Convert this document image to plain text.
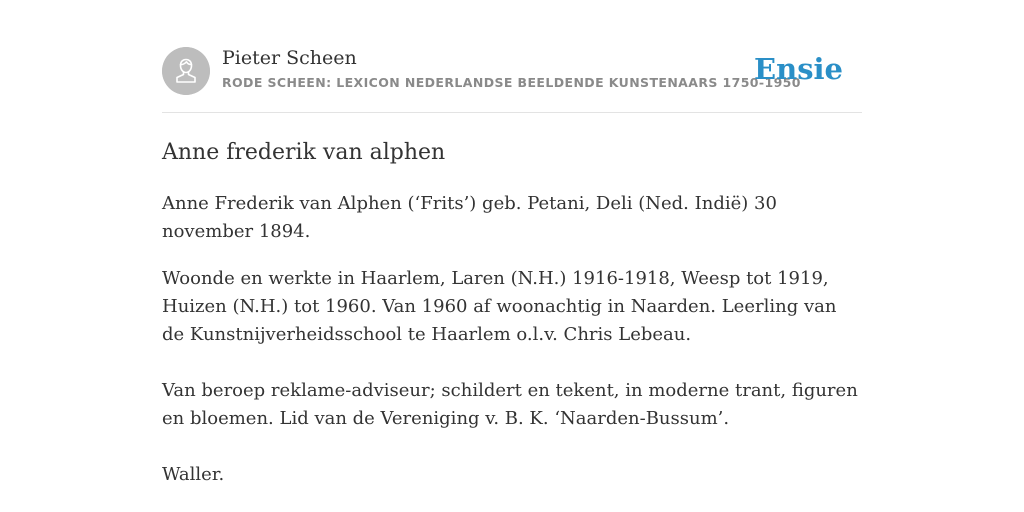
Pieter Scheen
RODE SCHEEN: LEXICON NEDERLANDSE BEELDENDE KUNSTENAARS 1750-1950
Ensie
Anne frederik van alphen

Anne Frederik van Alphen (‘Frits’) geb. Petani, Deli (Ned. Indië) 30 november 1894.

Woonde en werkte in Haarlem, Laren (N.H.) 1916-1918, Weesp tot 1919, Huizen (N.H.) tot 1960. Van 1960 af woonachtig in Naarden. Leerling van de Kunstnijverheidsschool te Haarlem o.l.v. Chris Lebeau.

Van beroep reklame-adviseur; schildert en tekent, in moderne trant, figuren en bloemen. Lid van de Vereniging v. B. K. ‘Naarden-Bussum’.

Waller.
